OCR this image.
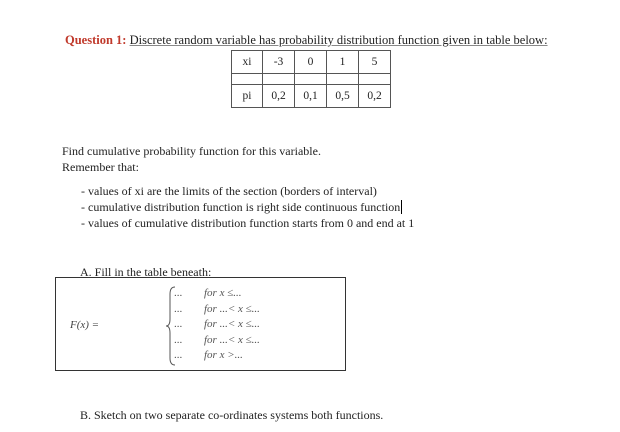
Question 1: Discrete random variable has probability distribution function given in table below:
xi	-3	0	1	5

pi	0,2	0,1	0,5	0,2
Find cumulative probability function for this variable.
Remember that:
- values of xi are the limits of the section (borders of interval)
- cumulative distribution function is right side continuous function
- values of cumulative distribution function starts from 0 and end at 1
A. Fill in the table beneath:
F(x) =
...	for x ≤...
...	for ...< x ≤...
...	for ...< x ≤...
...	for ...< x ≤...
...	for x >...
B. Sketch on two separate co-ordinates systems both functions.
